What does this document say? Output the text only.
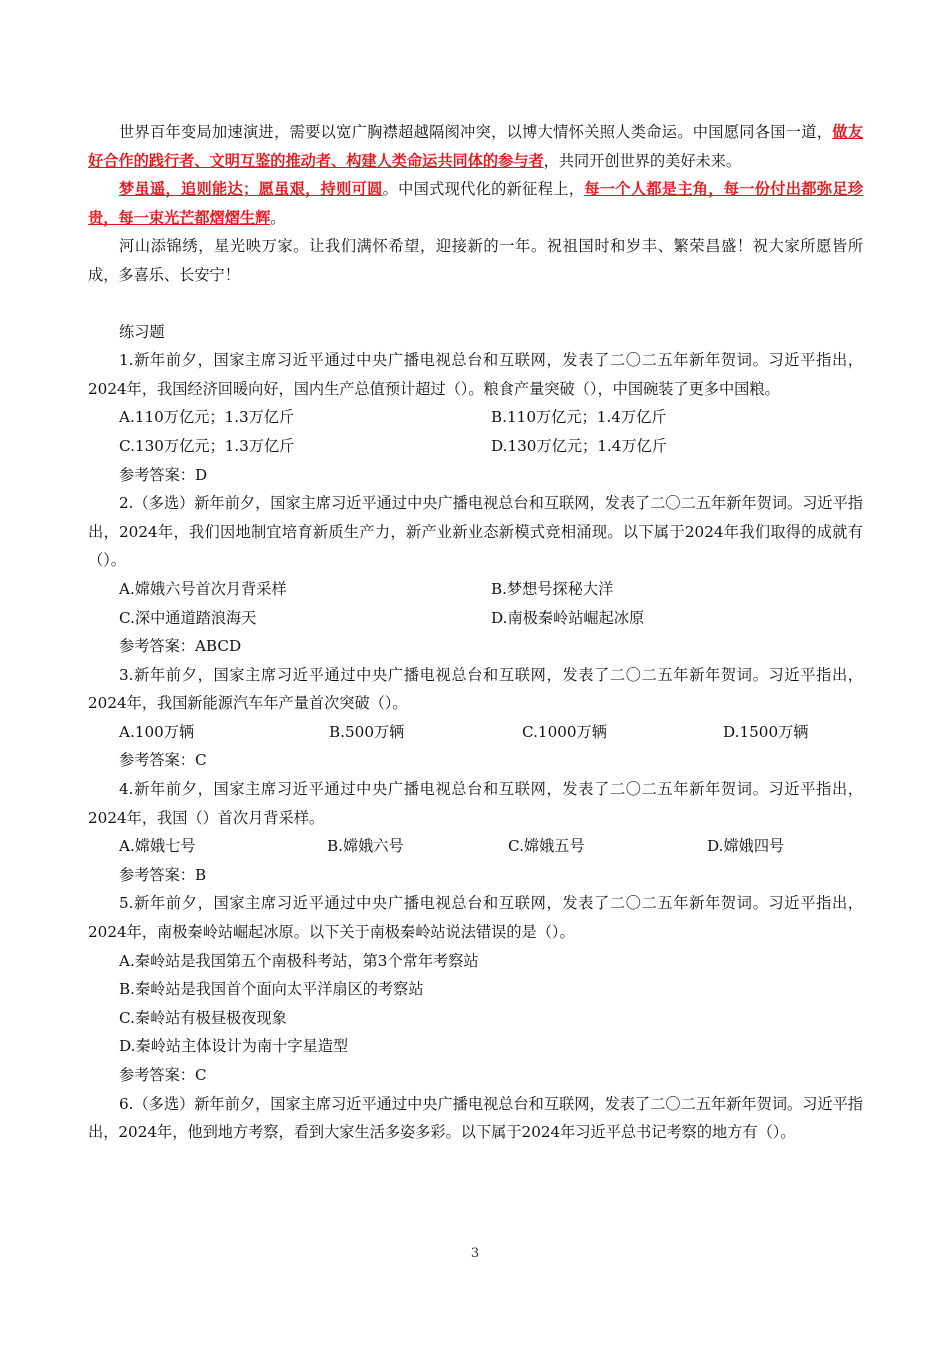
世界百年变局加速演进，需要以宽广胸襟超越隔阂冲突，以博大情怀关照人类命运。中国愿同各国一道，做友好合作的践行者、文明互鉴的推动者、构建人类命运共同体的参与者，共同开创世界的美好未来。

梦虽遥，追则能达；愿虽艰，持则可圆。中国式现代化的新征程上，每一个人都是主角，每一份付出都弥足珍贵，每一束光芒都熠熠生辉。

河山添锦绣，星光映万家。让我们满怀希望，迎接新的一年。祝祖国时和岁丰、繁荣昌盛！祝大家所愿皆所成，多喜乐、长安宁！

练习题

1.新年前夕，国家主席习近平通过中央广播电视总台和互联网，发表了二〇二五年新年贺词。习近平指出，2024年，我国经济回暖向好，国内生产总值预计超过（）。粮食产量突破（），中国碗装了更多中国粮。

A.110万亿元；1.3万亿斤	B.110万亿元；1.4万亿斤
C.130万亿元；1.3万亿斤	D.130万亿元；1.4万亿斤
参考答案：D

2.（多选）新年前夕，国家主席习近平通过中央广播电视总台和互联网，发表了二〇二五年新年贺词。习近平指出，2024年，我们因地制宜培育新质生产力，新产业新业态新模式竞相涌现。以下属于2024年我们取得的成就有（）。

A.嫦娥六号首次月背采样	B.梦想号探秘大洋
C.深中通道踏浪海天	D.南极秦岭站崛起冰原
参考答案：ABCD

3.新年前夕，国家主席习近平通过中央广播电视总台和互联网，发表了二〇二五年新年贺词。习近平指出，2024年，我国新能源汽车年产量首次突破（）。

A.100万辆	B.500万辆	C.1000万辆	D.1500万辆
参考答案：C

4.新年前夕，国家主席习近平通过中央广播电视总台和互联网，发表了二〇二五年新年贺词。习近平指出，2024年，我国（）首次月背采样。

A.嫦娥七号	B.嫦娥六号	C.嫦娥五号	D.嫦娥四号
参考答案：B

5.新年前夕，国家主席习近平通过中央广播电视总台和互联网，发表了二〇二五年新年贺词。习近平指出，2024年，南极秦岭站崛起冰原。以下关于南极秦岭站说法错误的是（）。

A.秦岭站是我国第五个南极科考站，第3个常年考察站
B.秦岭站是我国首个面向太平洋扇区的考察站
C.秦岭站有极昼极夜现象
D.秦岭站主体设计为南十字星造型
参考答案：C

6.（多选）新年前夕，国家主席习近平通过中央广播电视总台和互联网，发表了二〇二五年新年贺词。习近平指出，2024年，他到地方考察，看到大家生活多姿多彩。以下属于2024年习近平总书记考察的地方有（）。

3
